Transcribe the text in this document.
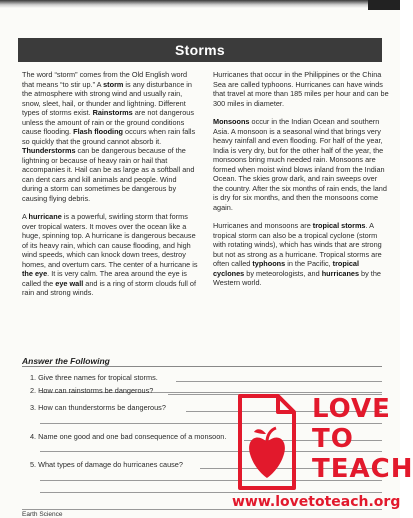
Storms

The word “storm” comes from the Old English word that means “to stir up.” A storm is any disturbance in the atmosphere with strong wind and usually rain, snow, sleet, hail, or thunder and lightning. Different types of storms exist. Rainstorms are not dangerous unless the amount of rain or the ground conditions cause flooding. Flash flooding occurs when rain falls so quickly that the ground cannot absorb it. Thunderstorms can be dangerous because of the lightning or because of heavy rain or hail that accompanies it. Hail can be as large as a softball and can dent cars and kill animals and people. Wind during a storm can sometimes be dangerous by causing flying debris.

A hurricane is a powerful, swirling storm that forms over tropical waters. It moves over the ocean like a huge, spinning top. A hurricane is dangerous because of its heavy rain, which can cause flooding, and high wind speeds, which can knock down trees, destroy homes, and overturn cars. The center of a hurricane is the eye. It is very calm. The area around the eye is called the eye wall and is a ring of storm clouds full of rain and strong winds.

Hurricanes that occur in the Philippines or the China Sea are called typhoons. Hurricanes can have winds that travel at more than 185 miles per hour and can be 300 miles in diameter.

Monsoons occur in the Indian Ocean and southern Asia. A monsoon is a seasonal wind that brings very heavy rainfall and even flooding. For half of the year, India is very dry, but for the other half of the year, the monsoons bring much needed rain. Monsoons are formed when moist wind blows inland from the Indian Ocean. The skies grow dark, and rain sweeps over the country. After the six months of rain ends, the land is dry for six months, and then the monsoons come again.

Hurricanes and monsoons are tropical storms. A tropical storm can also be a tropical cyclone (storm with rotating winds), which has winds that are strong but not as strong as a hurricane. Tropical storms are often called typhoons in the Pacific, tropical cyclones by meteorologists, and hurricanes by the Western world.

Answer the Following
1. Give three names for tropical storms.
2. How can rainstorms be dangerous?
3. How can thunderstorms be dangerous?
4. Name one good and one bad consequence of a monsoon.
5. What types of damage do hurricanes cause?
Earth Science
LOVE
TO
TEACH
www.lovetoteach.org
